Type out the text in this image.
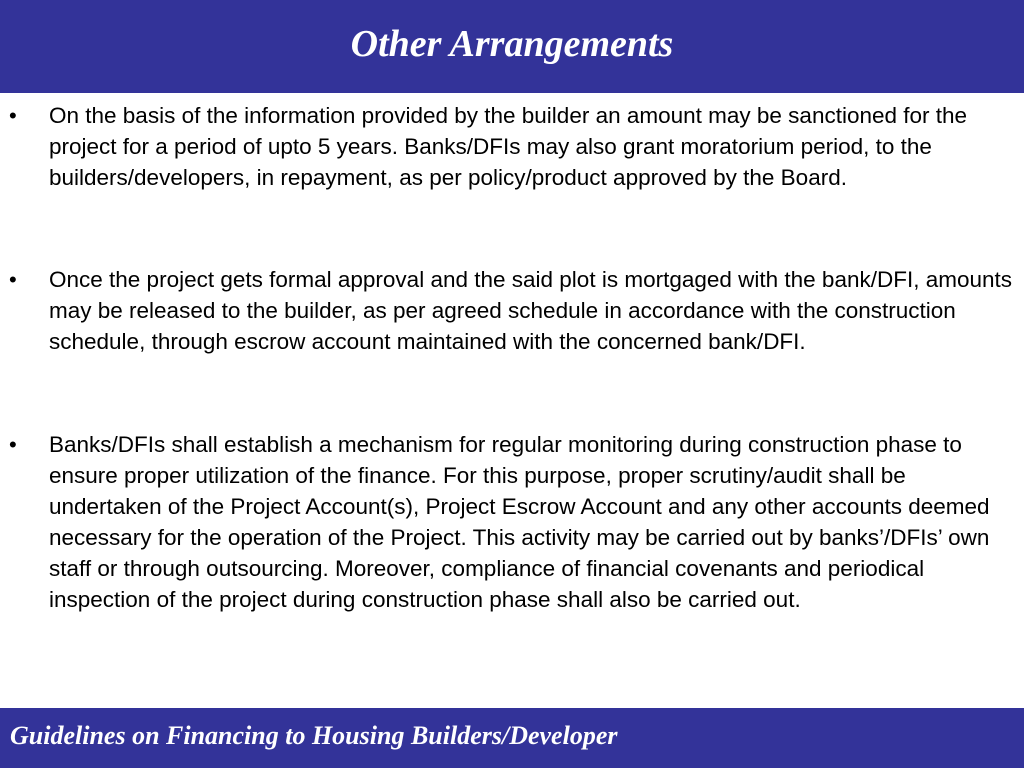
Other Arrangements
• On the basis of the information provided by the builder an amount may be sanctioned for the project for a period of upto 5 years. Banks/DFIs may also grant moratorium period, to the builders/developers, in repayment, as per policy/product approved by the Board.

• Once the project gets formal approval and the said plot is mortgaged with the bank/DFI, amounts may be released to the builder, as per agreed schedule in accordance with the construction schedule, through escrow account maintained with the concerned bank/DFI.

• Banks/DFIs shall establish a mechanism for regular monitoring during construction phase to ensure proper utilization of the finance. For this purpose, proper scrutiny/audit shall be undertaken of the Project Account(s), Project Escrow Account and any other accounts deemed necessary for the operation of the Project. This activity may be carried out by banks’/DFIs’ own staff or through outsourcing. Moreover, compliance of financial covenants and periodical inspection of the project during construction phase shall also be carried out.

Guidelines on Financing to Housing Builders/Developer
